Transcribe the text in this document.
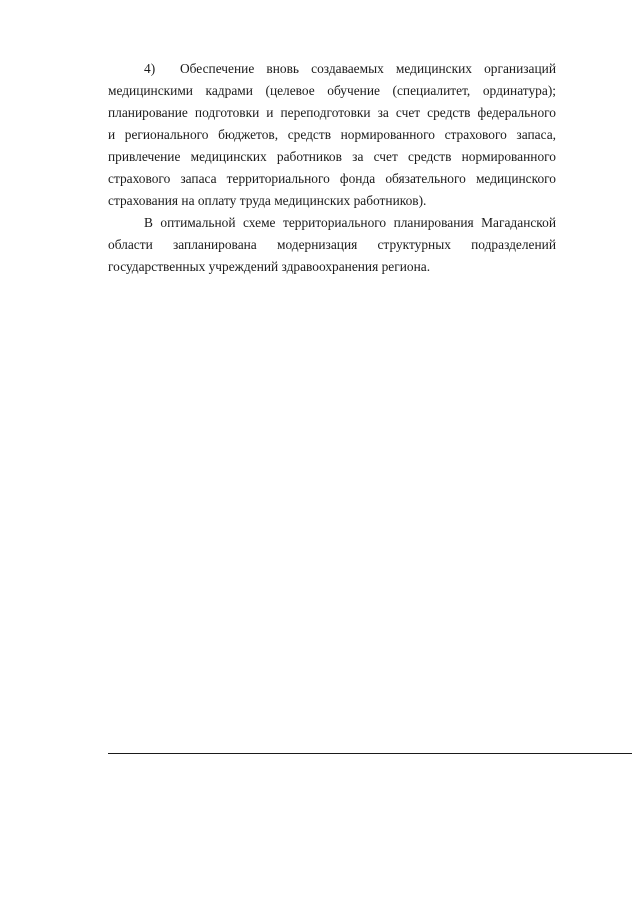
4)	Обеспечение вновь создаваемых медицинских организаций
медицинскими кадрами (целевое обучение (специалитет, ординатура);
планирование подготовки и переподготовки за счет средств федерального
и регионального бюджетов, средств нормированного страхового запаса,
привлечение медицинских работников за счет средств нормированного
страхового запаса территориального фонда обязательного медицинского
страхования на оплату труда медицинских работников).
В оптимальной схеме территориального планирования Магаданской
области запланирована модернизация структурных подразделений
государственных учреждений здравоохранения региона.
